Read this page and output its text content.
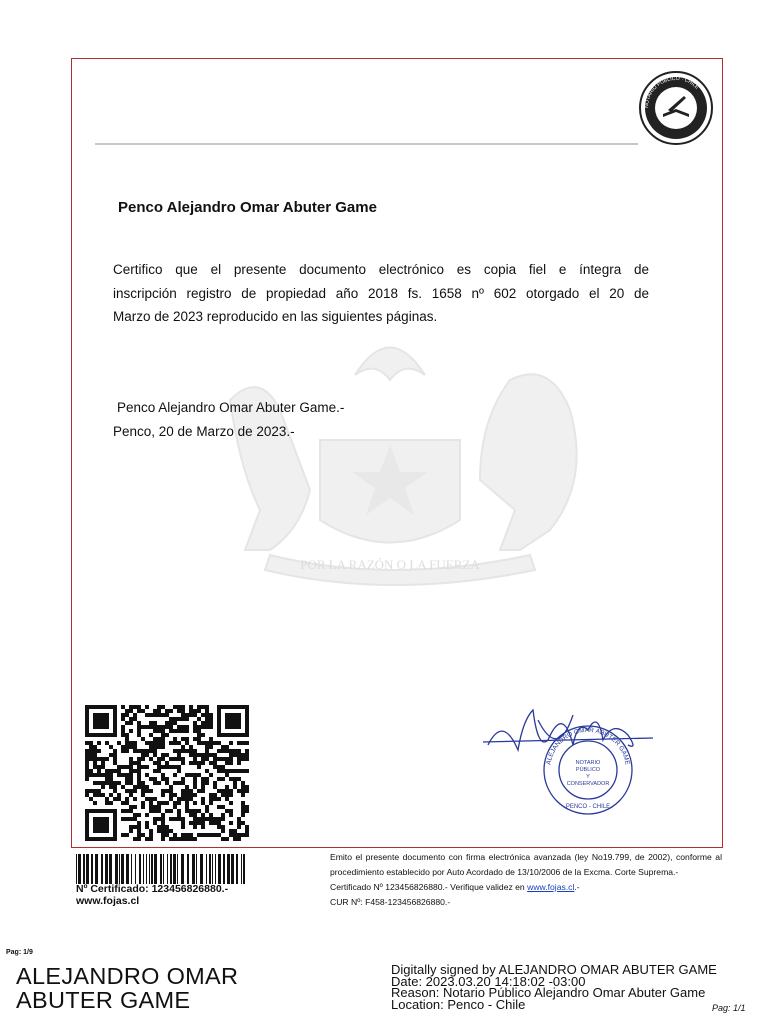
NOTARIO PÚBLICO · CHILE
POR LA RAZÓN O LA FUERZA
Penco Alejandro Omar Abuter Game
Certifico que el presente documento electrónico es copia fiel e íntegra de
inscripción registro de propiedad año 2018 fs. 1658 nº 602 otorgado el 20 de
Marzo de 2023 reproducido en las siguientes páginas.
Penco Alejandro Omar Abuter Game.-
Penco, 20 de Marzo de 2023.-
ALEJANDRO OMAR ABUTER GAME
NOTARIO
PÚBLICO
Y
CONSERVADOR
PENCO - CHILE
Nº Certificado: 123456826880.-
www.fojas.cl

Emito el presente documento con firma electrónica avanzada (ley No19.799, de 2002), conforme al procedimiento establecido por Auto Acordado de 13/10/2006 de la Excma. Corte Suprema.-

Certificado Nº 123456826880.- Verifique validez en www.fojas.cl.-

CUR Nº: F458-123456826880.-

Pag: 1/9
ALEJANDRO OMAR
ABUTER GAME
Digitally signed by ALEJANDRO OMAR ABUTER GAME
Date: 2023.03.20 14:18:02 -03:00
Reason: Notario Público Alejandro Omar Abuter Game
Location: Penco - Chile	Pag: 1/1
